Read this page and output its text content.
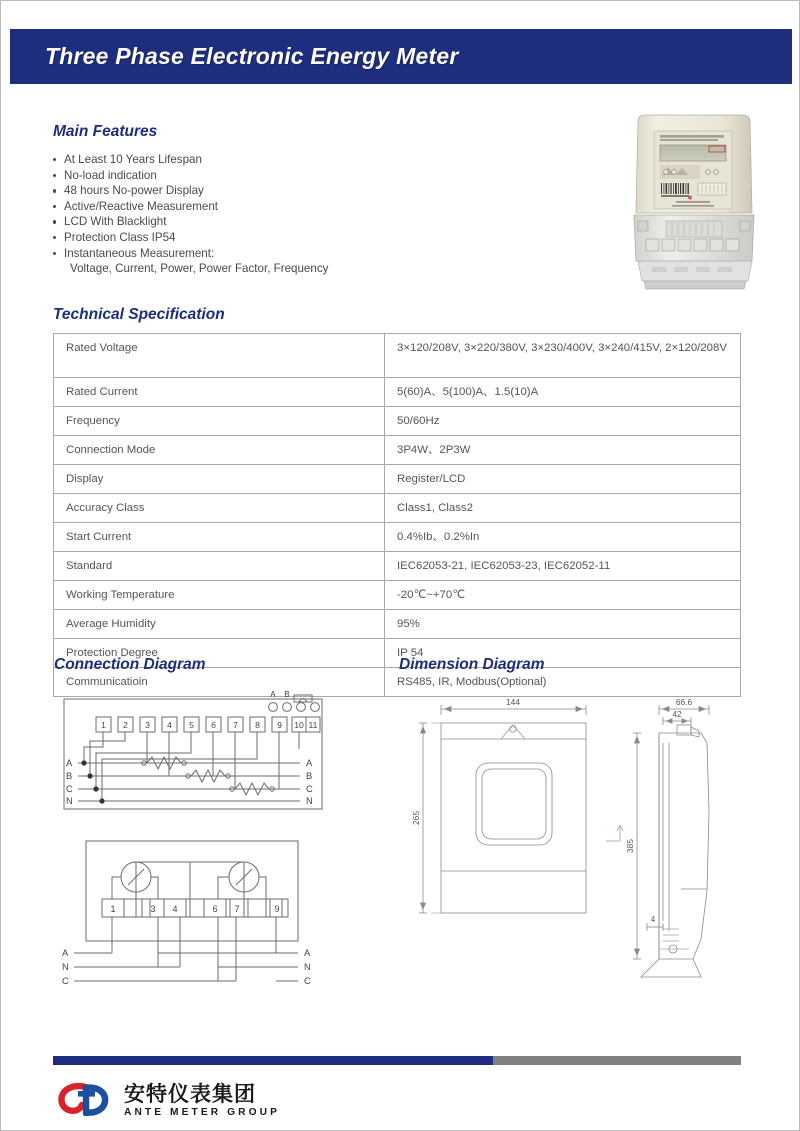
Three Phase Electronic Energy Meter
Main Features
At Least 10 Years Lifespan
No-load indication
48 hours No-power Display
Active/Reactive Measurement
LCD With Blacklight
Protection Class IP54
Instantaneous Measurement:
Voltage, Current, Power, Power Factor, Frequency
Technical Specification
Rated Voltage	3×120/208V, 3×220/380V, 3×230/400V, 3×240/415V, 2×120/208V
Rated Current	5(60)A、5(100)A、1.5(10)A
Frequency	50/60Hz
Connection Mode	3P4W、2P3W
Display	Register/LCD
Accuracy Class	Class1, Class2
Start Current	0.4%Ib、0.2%In
Standard	IEC62053-21, IEC62053-23, IEC62052-11
Working Temperature	-20℃~+70℃
Average Humidity	95%
Protection Degree	IP 54
Communicatioin	RS485, IR, Modbus(Optional)
Connection Diagram	Dimension Diagram
1 2 3 4 5 6 7 8 9 10 11
A B
A
B
C
N
A
B
C
N
1	3 4	6 7	9
A
N
C
A
N
C
144
265
66.6
42
385
4
安特仪表集团
ANTE METER GROUP
